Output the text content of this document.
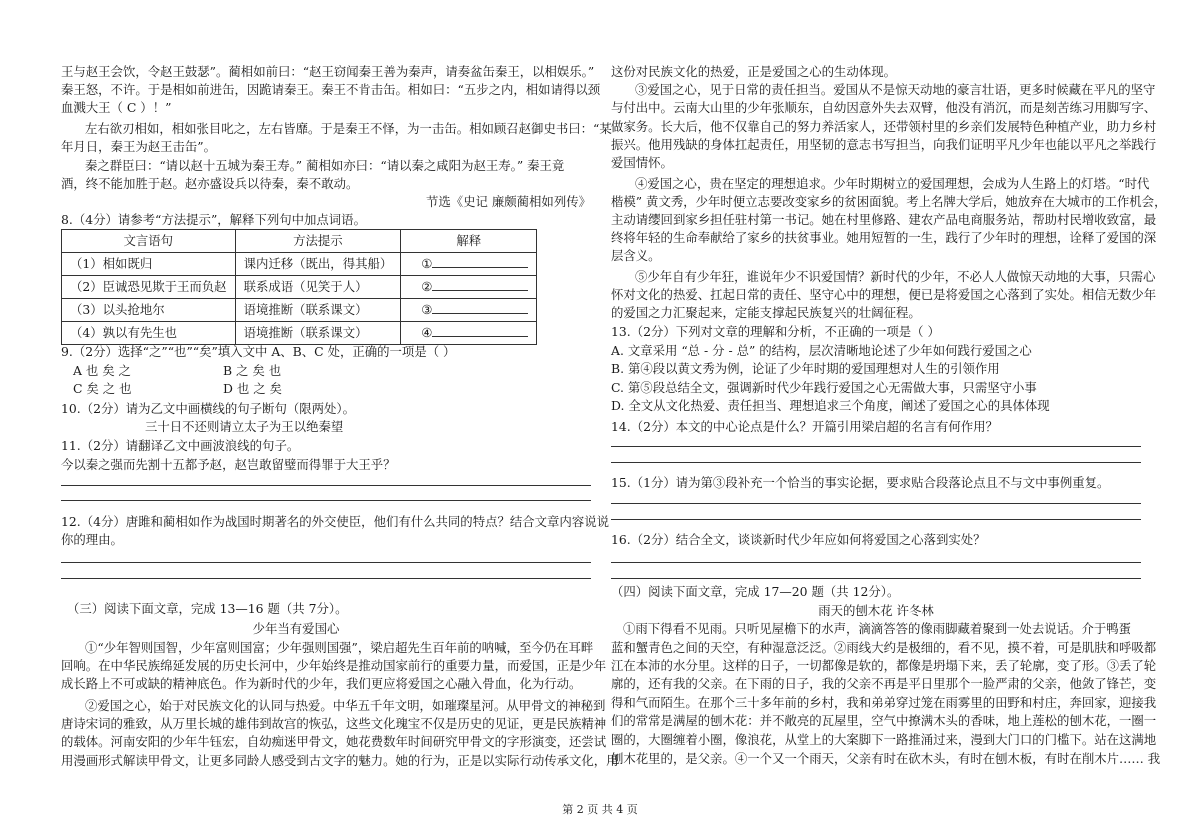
王与赵王会饮，令赵王鼓瑟”。蔺相如前曰：“赵王窃闻秦王善为秦声，请奏盆缶秦王，以相娱乐。”
秦王怒，不许。于是相如前进缶，因跪请秦王。秦王不肯击缶。相如曰：“五步之内，相如请得以颈
血溅大王（ C ）！”
左右欲刃相如，相如张目叱之，左右皆靡。于是秦王不怿，为一击缶。相如顾召赵御史书曰：“某
年月日，秦王为赵王击缶”。
秦之群臣曰：“请以赵十五城为秦王寿。” 蔺相如亦曰：“请以秦之咸阳为赵王寿。” 秦王竟
酒，终不能加胜于赵。赵亦盛设兵以待秦，秦不敢动。
节选《史记 廉颇蔺相如列传》
8.（4分）请参考“方法提示”，解释下列句中加点词语。
文言语句	方法提示	解释
（1）相如既归	课内迁移（既出，得其船）	①
（2）臣诚恐见欺于王而负赵	联系成语（见笑于人）	②
（3）以头抢地尔	语境推断（联系课文）	③
（4）孰以有先生也	语境推断（联系课文）	④
9.（2分）选择“之”“也”“矣”填入文中 A、B、C 处，正确的一项是（ ）
A 也 矣 之	B 之 矣 也
C 矣 之 也	D 也 之 矣
10.（2分）请为乙文中画横线的句子断句（限两处）。
三十日不还则请立太子为王以绝秦望
11.（2分）请翻译乙文中画波浪线的句子。
今以秦之强而先割十五都予赵，赵岂敢留璧而得罪于大王乎？
12.（4分）唐雎和蔺相如作为战国时期著名的外交使臣，他们有什么共同的特点？结合文章内容说说
你的理由。
（三）阅读下面文章，完成 13—16 题（共 7分）。
少年当有爱国心
①“少年智则国智，少年富则国富；少年强则国强”，梁启超先生百年前的呐喊，至今仍在耳畔
回响。在中华民族绵延发展的历史长河中，少年始终是推动国家前行的重要力量，而爱国，正是少年
成长路上不可或缺的精神底色。作为新时代的少年，我们更应将爱国之心融入骨血，化为行动。
②爱国之心，始于对民族文化的认同与热爱。中华五千年文明，如璀璨星河。从甲骨文的神秘到
唐诗宋词的雅致，从万里长城的雄伟到故宫的恢弘，这些文化瑰宝不仅是历史的见证，更是民族精神
的载体。河南安阳的少年牛钰宏，自幼痴迷甲骨文，她花费数年时间研究甲骨文的字形演变，还尝试
用漫画形式解读甲骨文，让更多同龄人感受到古文字的魅力。她的行为，正是以实际行动传承文化，用
这份对民族文化的热爱，正是爱国之心的生动体现。
③爱国之心，见于日常的责任担当。爱国从不是惊天动地的豪言壮语，更多时候藏在平凡的坚守
与付出中。云南大山里的少年张顺东，自幼因意外失去双臂，他没有消沉，而是刻苦练习用脚写字、
做家务。长大后，他不仅靠自己的努力养活家人，还带领村里的乡亲们发展特色种植产业，助力乡村
振兴。他用残缺的身体扛起责任，用坚韧的意志书写担当，向我们证明平凡少年也能以平凡之举践行
爱国情怀。
④爱国之心，贵在坚定的理想追求。少年时期树立的爱国理想，会成为人生路上的灯塔。“时代
楷模” 黄文秀，少年时便立志要改变家乡的贫困面貌。考上名牌大学后，她放弃在大城市的工作机会，
主动请缨回到家乡担任驻村第一书记。她在村里修路、建农产品电商服务站，帮助村民增收致富，最
终将年轻的生命奉献给了家乡的扶贫事业。她用短暂的一生，践行了少年时的理想，诠释了爱国的深
层含义。
⑤少年自有少年狂，谁说年少不识爱国情？新时代的少年，不必人人做惊天动地的大事，只需心
怀对文化的热爱、扛起日常的责任、坚守心中的理想，便已是将爱国之心落到了实处。相信无数少年
的爱国之力汇聚起来，定能支撑起民族复兴的壮阔征程。
13.（2分）下列对文章的理解和分析，不正确的一项是（ ）
A. 文章采用 “总 - 分 - 总” 的结构，层次清晰地论述了少年如何践行爱国之心
B. 第④段以黄文秀为例，论证了少年时期的爱国理想对人生的引领作用
C. 第⑤段总结全文，强调新时代少年践行爱国之心无需做大事，只需坚守小事
D. 全文从文化热爱、责任担当、理想追求三个角度，阐述了爱国之心的具体体现
14.（2分）本文的中心论点是什么？开篇引用梁启超的名言有何作用？
15.（1分）请为第③段补充一个恰当的事实论据，要求贴合段落论点且不与文中事例重复。
16.（2分）结合全文，谈谈新时代少年应如何将爱国之心落到实处？
（四）阅读下面文章，完成 17—20 题（共 12分）。
雨天的刨木花 许冬林
①雨下得看不见雨。只听见屋檐下的水声，滴滴答答的像雨脚藏着聚到一处去说话。介于鸭蛋
蓝和蟹青色之间的天空，有种湿意泛泛。②雨线大约是极细的，看不见，摸不着，可是肌肤和呼吸都
江在本沛的水分里。这样的日子，一切都像是软的，都像是坍塌下来，丢了轮廓，变了形。③丢了轮
廓的，还有我的父亲。在下雨的日子，我的父亲不再是平日里那个一脸严肃的父亲，他敛了锋芒，变
得和气而陌生。在那个三十多年前的乡村，我和弟弟穿过笼在雨雾里的田野和村庄，奔回家，迎接我
们的常常是满屋的刨木花：并不敞亮的瓦屋里，空气中撩满木头的香味，地上莲松的刨木花，一圈一
圈的，大圈缠着小圈，像浪花，从堂上的大案脚下一路推涌过来，漫到大门口的门槛下。站在这满地
刨木花里的，是父亲。④一个又一个雨天，父亲有时在砍木头，有时在刨木板，有时在削木片…… 我
第 2 页 共 4 页
